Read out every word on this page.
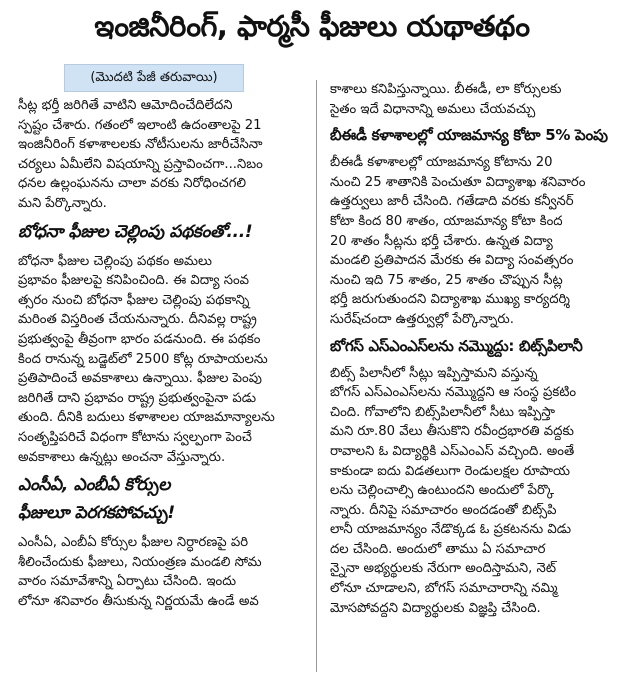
ఇంజినీరింగ్, ఫార్మసీ ఫీజులు యథాతథం
(మొదటి పేజీ తరువాయి)

సీట్ల భర్తీ జరిగితే వాటిని ఆమోదించేదిలేదని
స్పష్టం చేశారు. గతంలో ఇలాంటి ఉదంతాలపై 21
ఇంజినీరింగ్ కళాశాలలకు నోటీసులను జారీచేసినా
చర్యలు ఏమీలేని విషయాన్ని ప్రస్తావించగా...నిబం
ధనల ఉల్లంఘనను చాలా వరకు నిరోధించగలి
మని పేర్కొన్నారు.

బోధనా ఫీజుల చెల్లింపు పథకంతో...!

బోధనా ఫీజుల చెల్లింపు పథకం అమలు
ప్రభావం ఫీజులపై కనిపించింది. ఈ విద్యా సంవ
త్సరం నుంచి బోధనా ఫీజుల చెల్లింపు పథకాన్ని
మరింత విస్తరింత చేయనున్నారు. దీనివల్ల రాష్ట్ర
ప్రభుత్వంపై తీవ్రంగా భారం పడనుంది. ఈ పథకం
కింద రానున్న బడ్జెట్‌లో 2500 కోట్ల రూపాయలను
ప్రతిపాదించే అవకాశాలు ఉన్నాయి. ఫీజుల పెంపు
జరిగితే దాని ప్రభావం రాష్ట్ర ప్రభుత్వంపైనా పడు
తుంది. దీనికి బదులు కళాశాలల యాజమాన్యాలను
సంతృప్తిపరిచే విధంగా కోటాను స్వల్పంగా పెంచే
అవకాశాలు ఉన్నట్లు అంచనా వేస్తున్నారు.

ఎంసీఏ, ఎంబీఏ కోర్సుల
ఫీజులూ పెరగకపోవచ్చు!

ఎంసీఏ, ఎంబీఏ కోర్సుల ఫీజుల నిర్ధారణపై పరి
శీలించేందుకు ఫీజులు, నియంత్రణ మండలి సోమ
వారం సమావేశాన్ని ఏర్పాటు చేసింది. ఇందు
లోనూ శనివారం తీసుకున్న నిర్ణయమే ఉండే అవ

కాశాలు కనిపిస్తున్నాయి. బీఈడీ, లా కోర్సులకు
సైతం ఇదే విధానాన్ని అమలు చేయవచ్చు

బీఈడీ కళాశాలల్లో యాజమాన్య కోటా 5% పెంపు

బీఈడీ కళాశాలల్లో యాజమాన్య కోటాను 20
నుంచి 25 శాతానికి పెంచుతూ విద్యాశాఖ శనివారం
ఉత్తర్వులు జారీ చేసింది. గతేడాది వరకు కన్వీనర్
కోటా కింద 80 శాతం, యాజమాన్య కోటా కింద
20 శాతం సీట్లను భర్తీ చేశారు. ఉన్నత విద్యా
మండలి ప్రతిపాదన మేరకు ఈ విద్యా సంవత్సరం
నుంచి ఇది 75 శాతం, 25 శాతం చొప్పున సీట్ల
భర్తీ జరుగుతుందని విద్యాశాఖ ముఖ్య కార్యదర్శి
సురేష్‌చందా ఉత్తర్వుల్లో పేర్కొన్నారు.

బోగస్ ఎస్ఎంఎస్‌లను నమ్మొద్దు: బిట్స్‌పిలానీ

బిట్స్ పిలానీలో సీట్లు ఇప్పిస్తామని వస్తున్న
బోగస్ ఎస్ఎంఎస్‌లను నమ్మొద్దని ఆ సంస్థ ప్రకటిం
చింది. గోవాలోని బిట్స్‌పిలానీలో సీటు ఇప్పిస్తా
మని రూ.80 వేలు తీసుకొని రవీంద్రభారతి వద్దకు
రావాలని ఓ విద్యార్థికి ఎస్ఎంఎస్ వచ్చింది. అంతే
కాకుండా ఐదు విడతలుగా రెండులక్షల రూపాయ
లను చెల్లించాల్సి ఉంటుందని అందులో పేర్కొ
న్నారు. దీనిపై సమాచారం అందడంతో బిట్స్‌పి
లానీ యాజమాన్యం నేడొక్కడ ఓ ప్రకటనను విడు
దల చేసింది. అందులో తాము ఏ సమాచార
న్నైనా అభ్యర్థులకు నేరుగా అందిస్తామని, నెట్
లోనూ చూడాలని, బోగస్ సమాచారాన్ని నమ్మి
మోసపోవద్దని విద్యార్థులకు విజ్ఞప్తి చేసింది.
